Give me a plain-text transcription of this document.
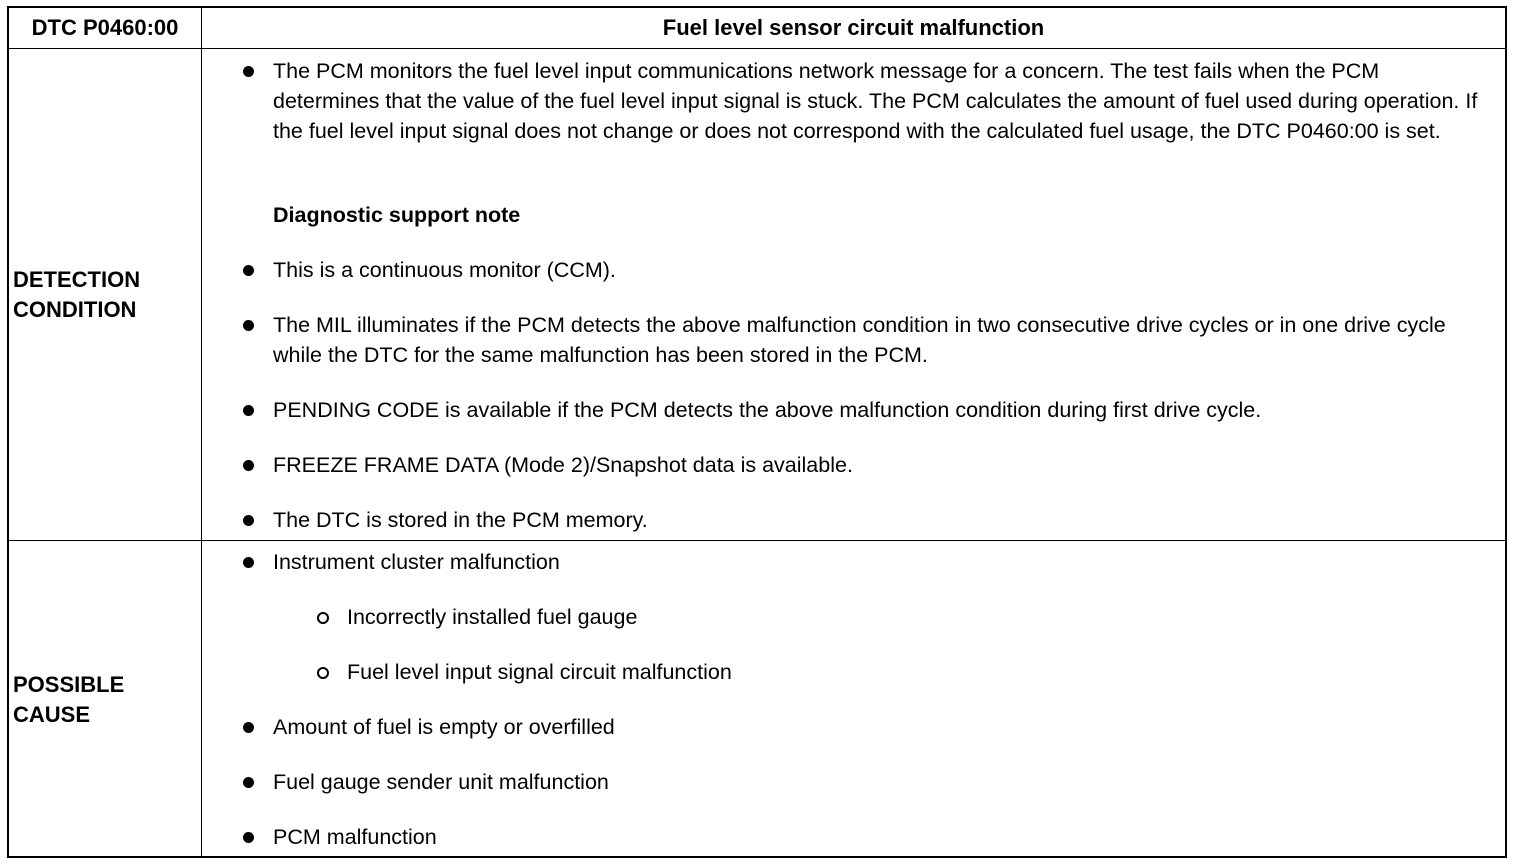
DTC P0460:00	Fuel level sensor circuit malfunction
DETECTION
CONDITION
POSSIBLE
CAUSE
The PCM monitors the fuel level input communications network message for a concern. The test fails when the PCM determines that the value of the fuel level input signal is stuck. The PCM calculates the amount of fuel used during operation. If the fuel level input signal does not change or does not correspond with the calculated fuel usage, the DTC P0460:00 is set.
Diagnostic support note
This is a continuous monitor (CCM).
The MIL illuminates if the PCM detects the above malfunction condition in two consecutive drive cycles or in one drive cycle while the DTC for the same malfunction has been stored in the PCM.
PENDING CODE is available if the PCM detects the above malfunction condition during first drive cycle.
FREEZE FRAME DATA (Mode 2)/Snapshot data is available.
The DTC is stored in the PCM memory.
Instrument cluster malfunction
Incorrectly installed fuel gauge
Fuel level input signal circuit malfunction
Amount of fuel is empty or overfilled
Fuel gauge sender unit malfunction
PCM malfunction
